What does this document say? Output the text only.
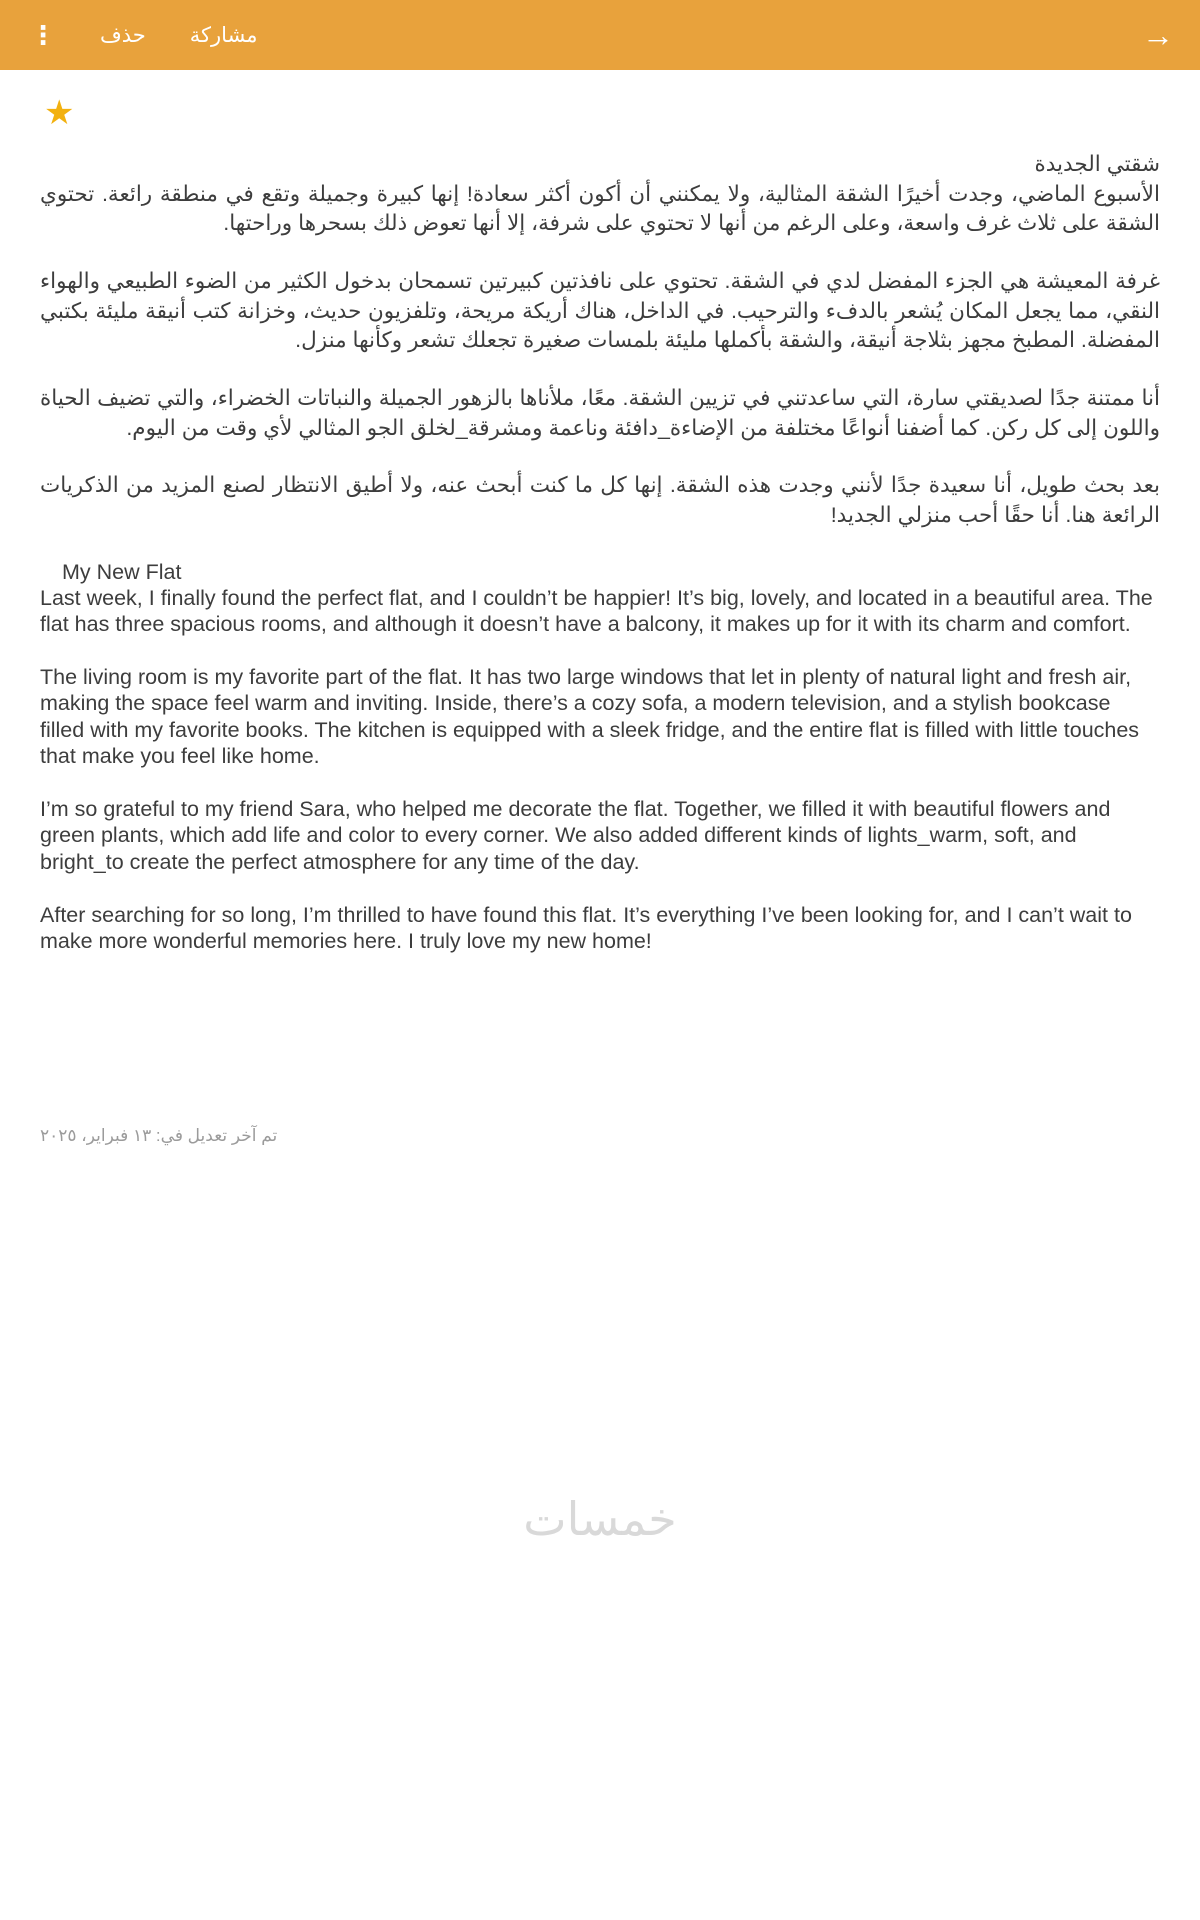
⋮ حذف مشاركة	→
★
شقتي الجديدة

الأسبوع الماضي، وجدت أخيرًا الشقة المثالية، ولا يمكنني أن أكون أكثر سعادة! إنها كبيرة وجميلة وتقع في منطقة رائعة. تحتوي الشقة على ثلاث غرف واسعة، وعلى الرغم من أنها لا تحتوي على شرفة، إلا أنها تعوض ذلك بسحرها وراحتها.

غرفة المعيشة هي الجزء المفضل لدي في الشقة. تحتوي على نافذتين كبيرتين تسمحان بدخول الكثير من الضوء الطبيعي والهواء النقي، مما يجعل المكان يُشعر بالدفء والترحيب. في الداخل، هناك أريكة مريحة، وتلفزيون حديث، وخزانة كتب أنيقة مليئة بكتبي المفضلة. المطبخ مجهز بثلاجة أنيقة، والشقة بأكملها مليئة بلمسات صغيرة تجعلك تشعر وكأنها منزل.

أنا ممتنة جدًا لصديقتي سارة، التي ساعدتني في تزيين الشقة. معًا، ملأناها بالزهور الجميلة والنباتات الخضراء، والتي تضيف الحياة واللون إلى كل ركن. كما أضفنا أنواعًا مختلفة من الإضاءة_دافئة وناعمة ومشرقة_لخلق الجو المثالي لأي وقت من اليوم.

بعد بحث طويل، أنا سعيدة جدًا لأنني وجدت هذه الشقة. إنها كل ما كنت أبحث عنه، ولا أطيق الانتظار لصنع المزيد من الذكريات الرائعة هنا. أنا حقًا أحب منزلي الجديد!

My New Flat

Last week, I finally found the perfect flat, and I couldn’t be happier! It’s big, lovely, and located in a beautiful area. The flat has three spacious rooms, and although it doesn’t have a balcony, it makes up for it with its charm and comfort.

The living room is my favorite part of the flat. It has two large windows that let in plenty of natural light and fresh air, making the space feel warm and inviting. Inside, there’s a cozy sofa, a modern television, and a stylish bookcase filled with my favorite books. The kitchen is equipped with a sleek fridge, and the entire flat is filled with little touches that make you feel like home.

I’m so grateful to my friend Sara, who helped me decorate the flat. Together, we filled it with beautiful flowers and green plants, which add life and color to every corner. We also added different kinds of lights_warm, soft, and bright_to create the perfect atmosphere for any time of the day.

After searching for so long, I’m thrilled to have found this flat. It’s everything I’ve been looking for, and I can’t wait to make more wonderful memories here. I truly love my new home!

تم آخر تعديل في: ١٣ فبراير، ٢٠٢٥
خمسات
